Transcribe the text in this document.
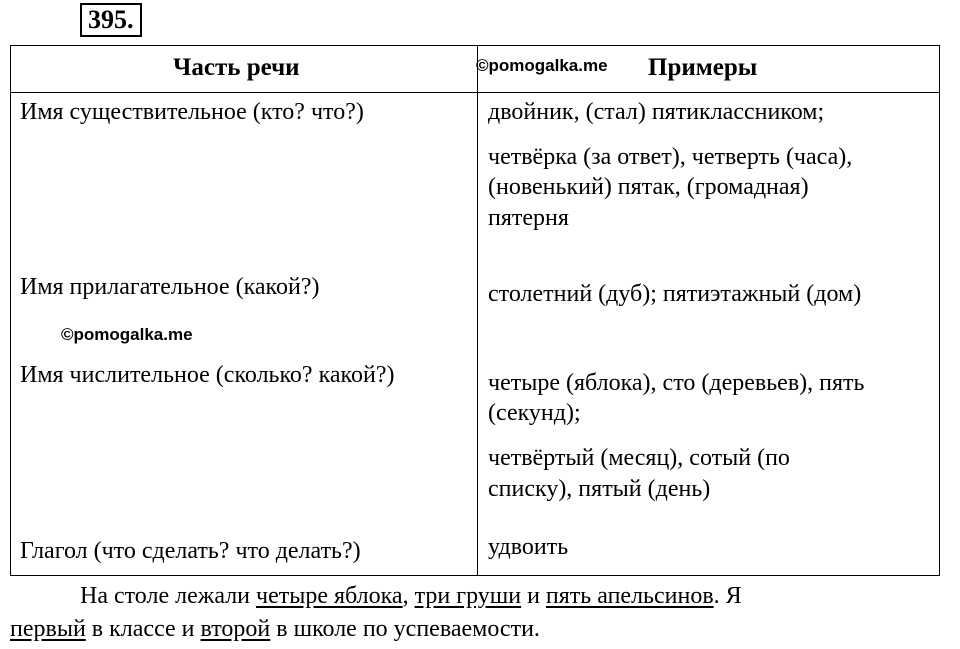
395.
Часть речи	©pomogalka.me Примеры
Имя существительное (кто? что?)
Имя прилагательное (какой?)
©pomogalka.me
Имя числительное (сколько? какой?)
Глагол (что сделать? что делать?)
двойник, (стал) пятиклассником;
четвёрка (за ответ), четверть (часа),
(новенький) пятак, (громадная)
пятерня
столетний (дуб); пятиэтажный (дом)
четыре (яблока), сто (деревьев), пять
(секунд);
четвёртый (месяц), сотый (по
списку), пятый (день)
удвоить
На столе лежали четыре яблока, три груши и пять апельсинов. Я
первый в классе и второй в школе по успеваемости.
